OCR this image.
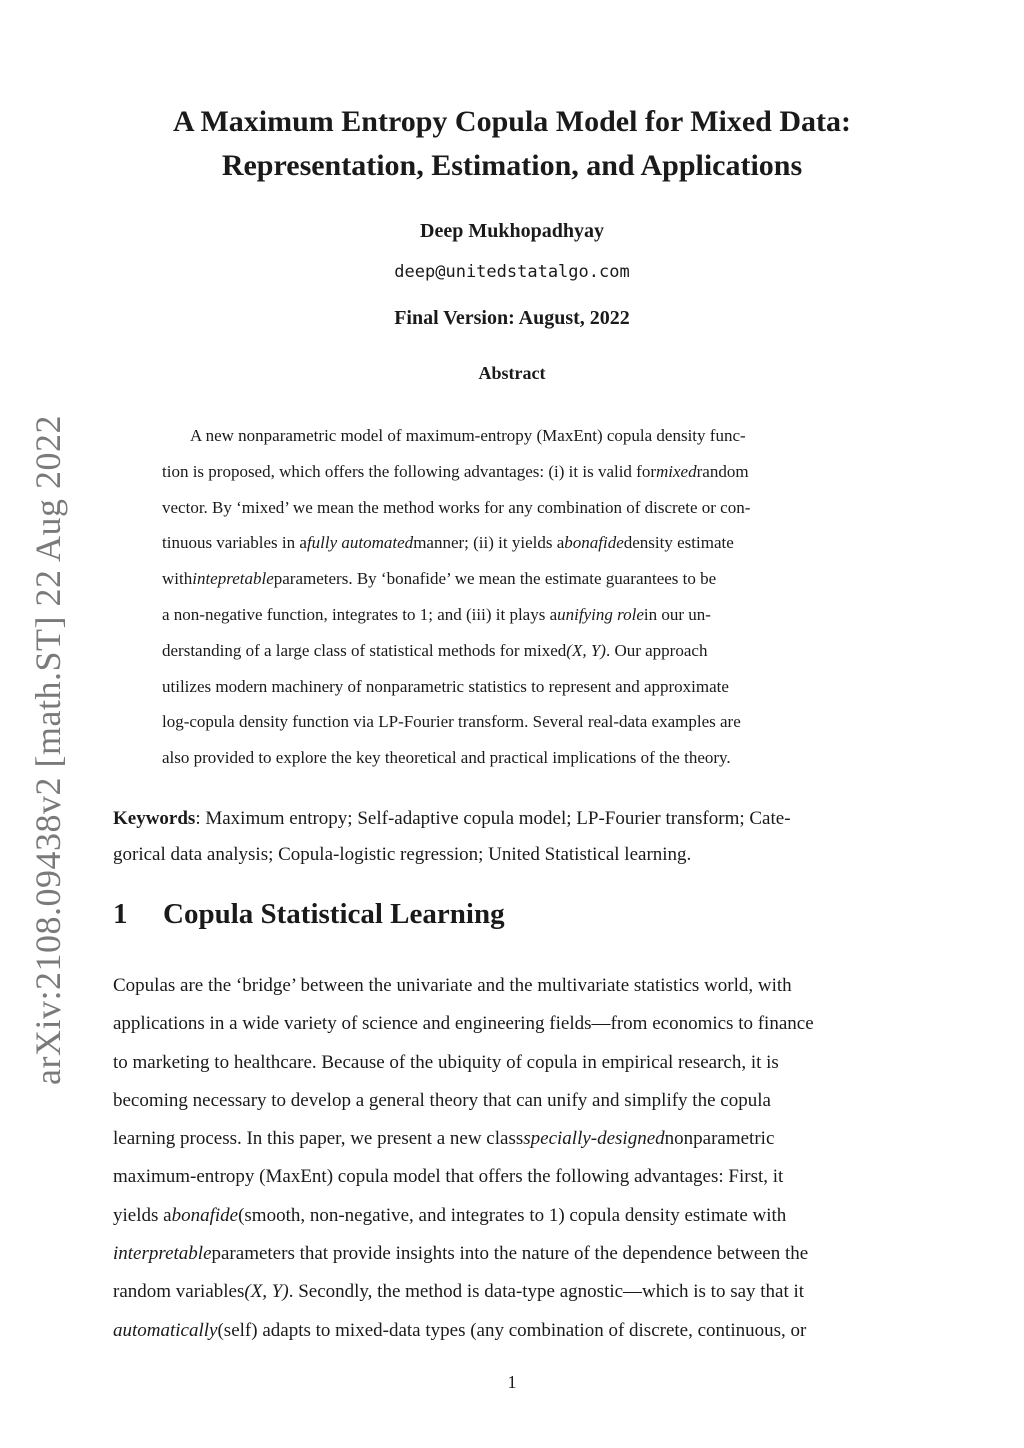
arXiv:2108.09438v2 [math.ST] 22 Aug 2022
A Maximum Entropy Copula Model for Mixed Data:
Representation, Estimation, and Applications
Deep Mukhopadhyay
deep@unitedstatalgo.com
Final Version: August, 2022
Abstract
A new nonparametric model of maximum-entropy (MaxEnt) copula density func-
tion is proposed, which offers the following advantages: (i) it is valid formixedrandom
vector. By ‘mixed’ we mean the method works for any combination of discrete or con-
tinuous variables in afully automatedmanner; (ii) it yields abonafidedensity estimate
withintepretableparameters. By ‘bonafide’ we mean the estimate guarantees to be
a non-negative function, integrates to 1; and (iii) it plays aunifying rolein our un-
derstanding of a large class of statistical methods for mixed(X, Y). Our approach
utilizes modern machinery of nonparametric statistics to represent and approximate
log-copula density function via LP-Fourier transform. Several real-data examples are
also provided to explore the key theoretical and practical implications of the theory.
Keywords: Maximum entropy; Self-adaptive copula model; LP-Fourier transform; Cate-
gorical data analysis; Copula-logistic regression; United Statistical learning.
1 Copula Statistical Learning
Copulas are the ‘bridge’ between the univariate and the multivariate statistics world, with
applications in a wide variety of science and engineering fields—from economics to finance
to marketing to healthcare. Because of the ubiquity of copula in empirical research, it is
becoming necessary to develop a general theory that can unify and simplify the copula
learning process. In this paper, we present a new classspecially-designednonparametric
maximum-entropy (MaxEnt) copula model that offers the following advantages: First, it
yields abonafide(smooth, non-negative, and integrates to 1) copula density estimate with
interpretableparameters that provide insights into the nature of the dependence between the
random variables(X, Y). Secondly, the method is data-type agnostic—which is to say that it
automatically(self) adapts to mixed-data types (any combination of discrete, continuous, or
1
